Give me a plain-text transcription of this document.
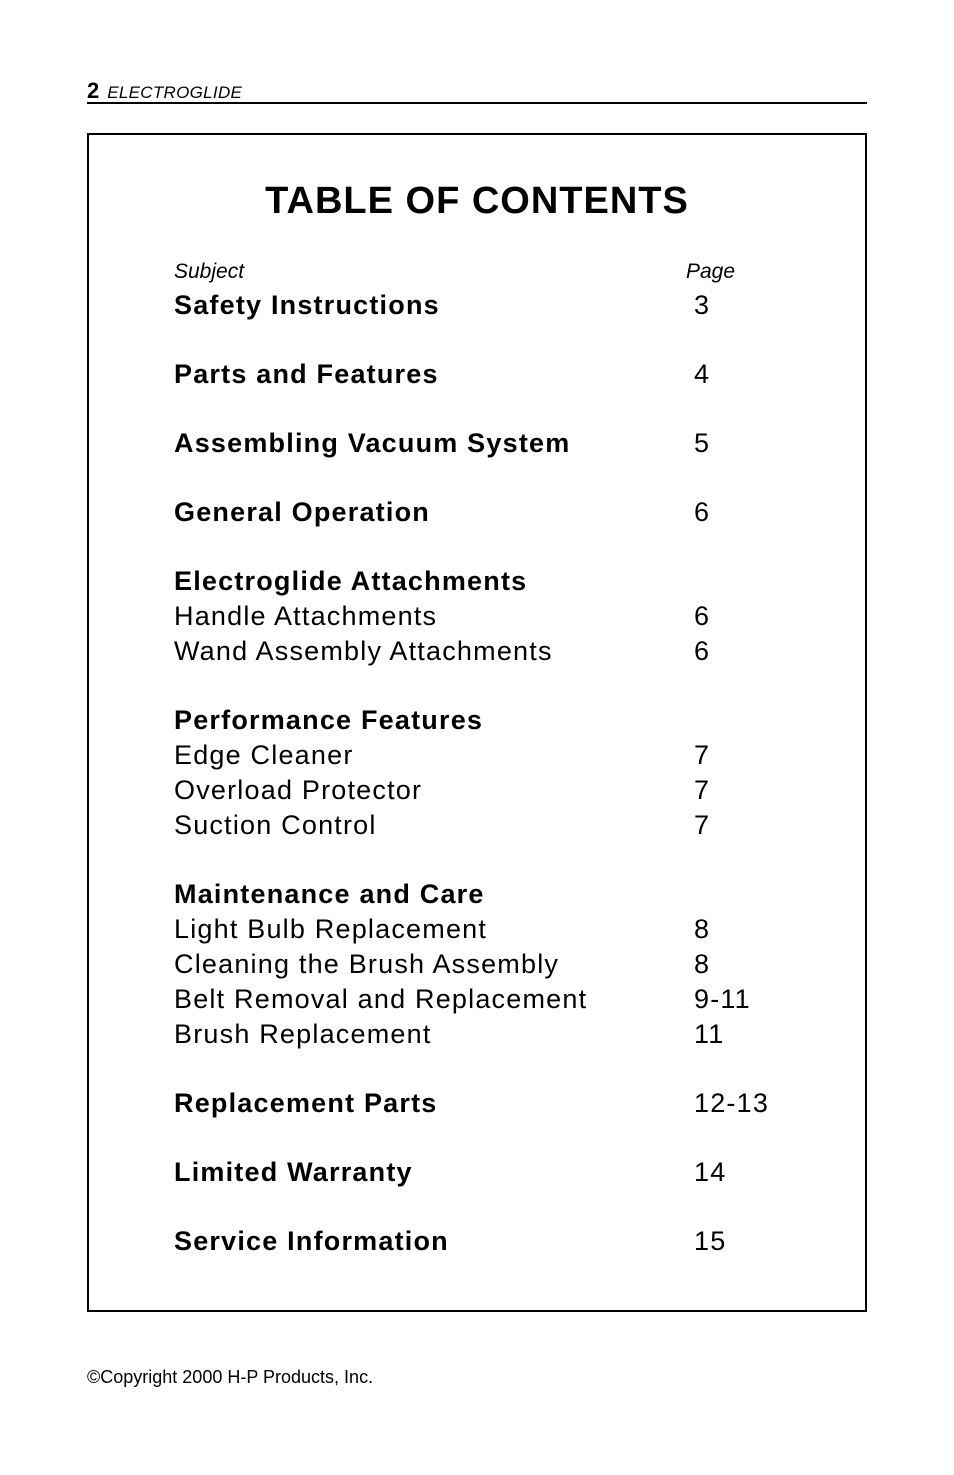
2 ELECTROGLIDE
TABLE OF CONTENTS
Subject	Page
Safety Instructions	3
Parts and Features	4
Assembling Vacuum System	5
General Operation	6
Electroglide Attachments
Handle Attachments	6
Wand Assembly Attachments	6
Performance Features
Edge Cleaner	7
Overload Protector	7
Suction Control	7
Maintenance and Care
Light Bulb Replacement	8
Cleaning the Brush Assembly	8
Belt Removal and Replacement	9-11
Brush Replacement	11
Replacement Parts	12-13
Limited Warranty	14
Service Information	15
©Copyright 2000 H-P Products, Inc.
